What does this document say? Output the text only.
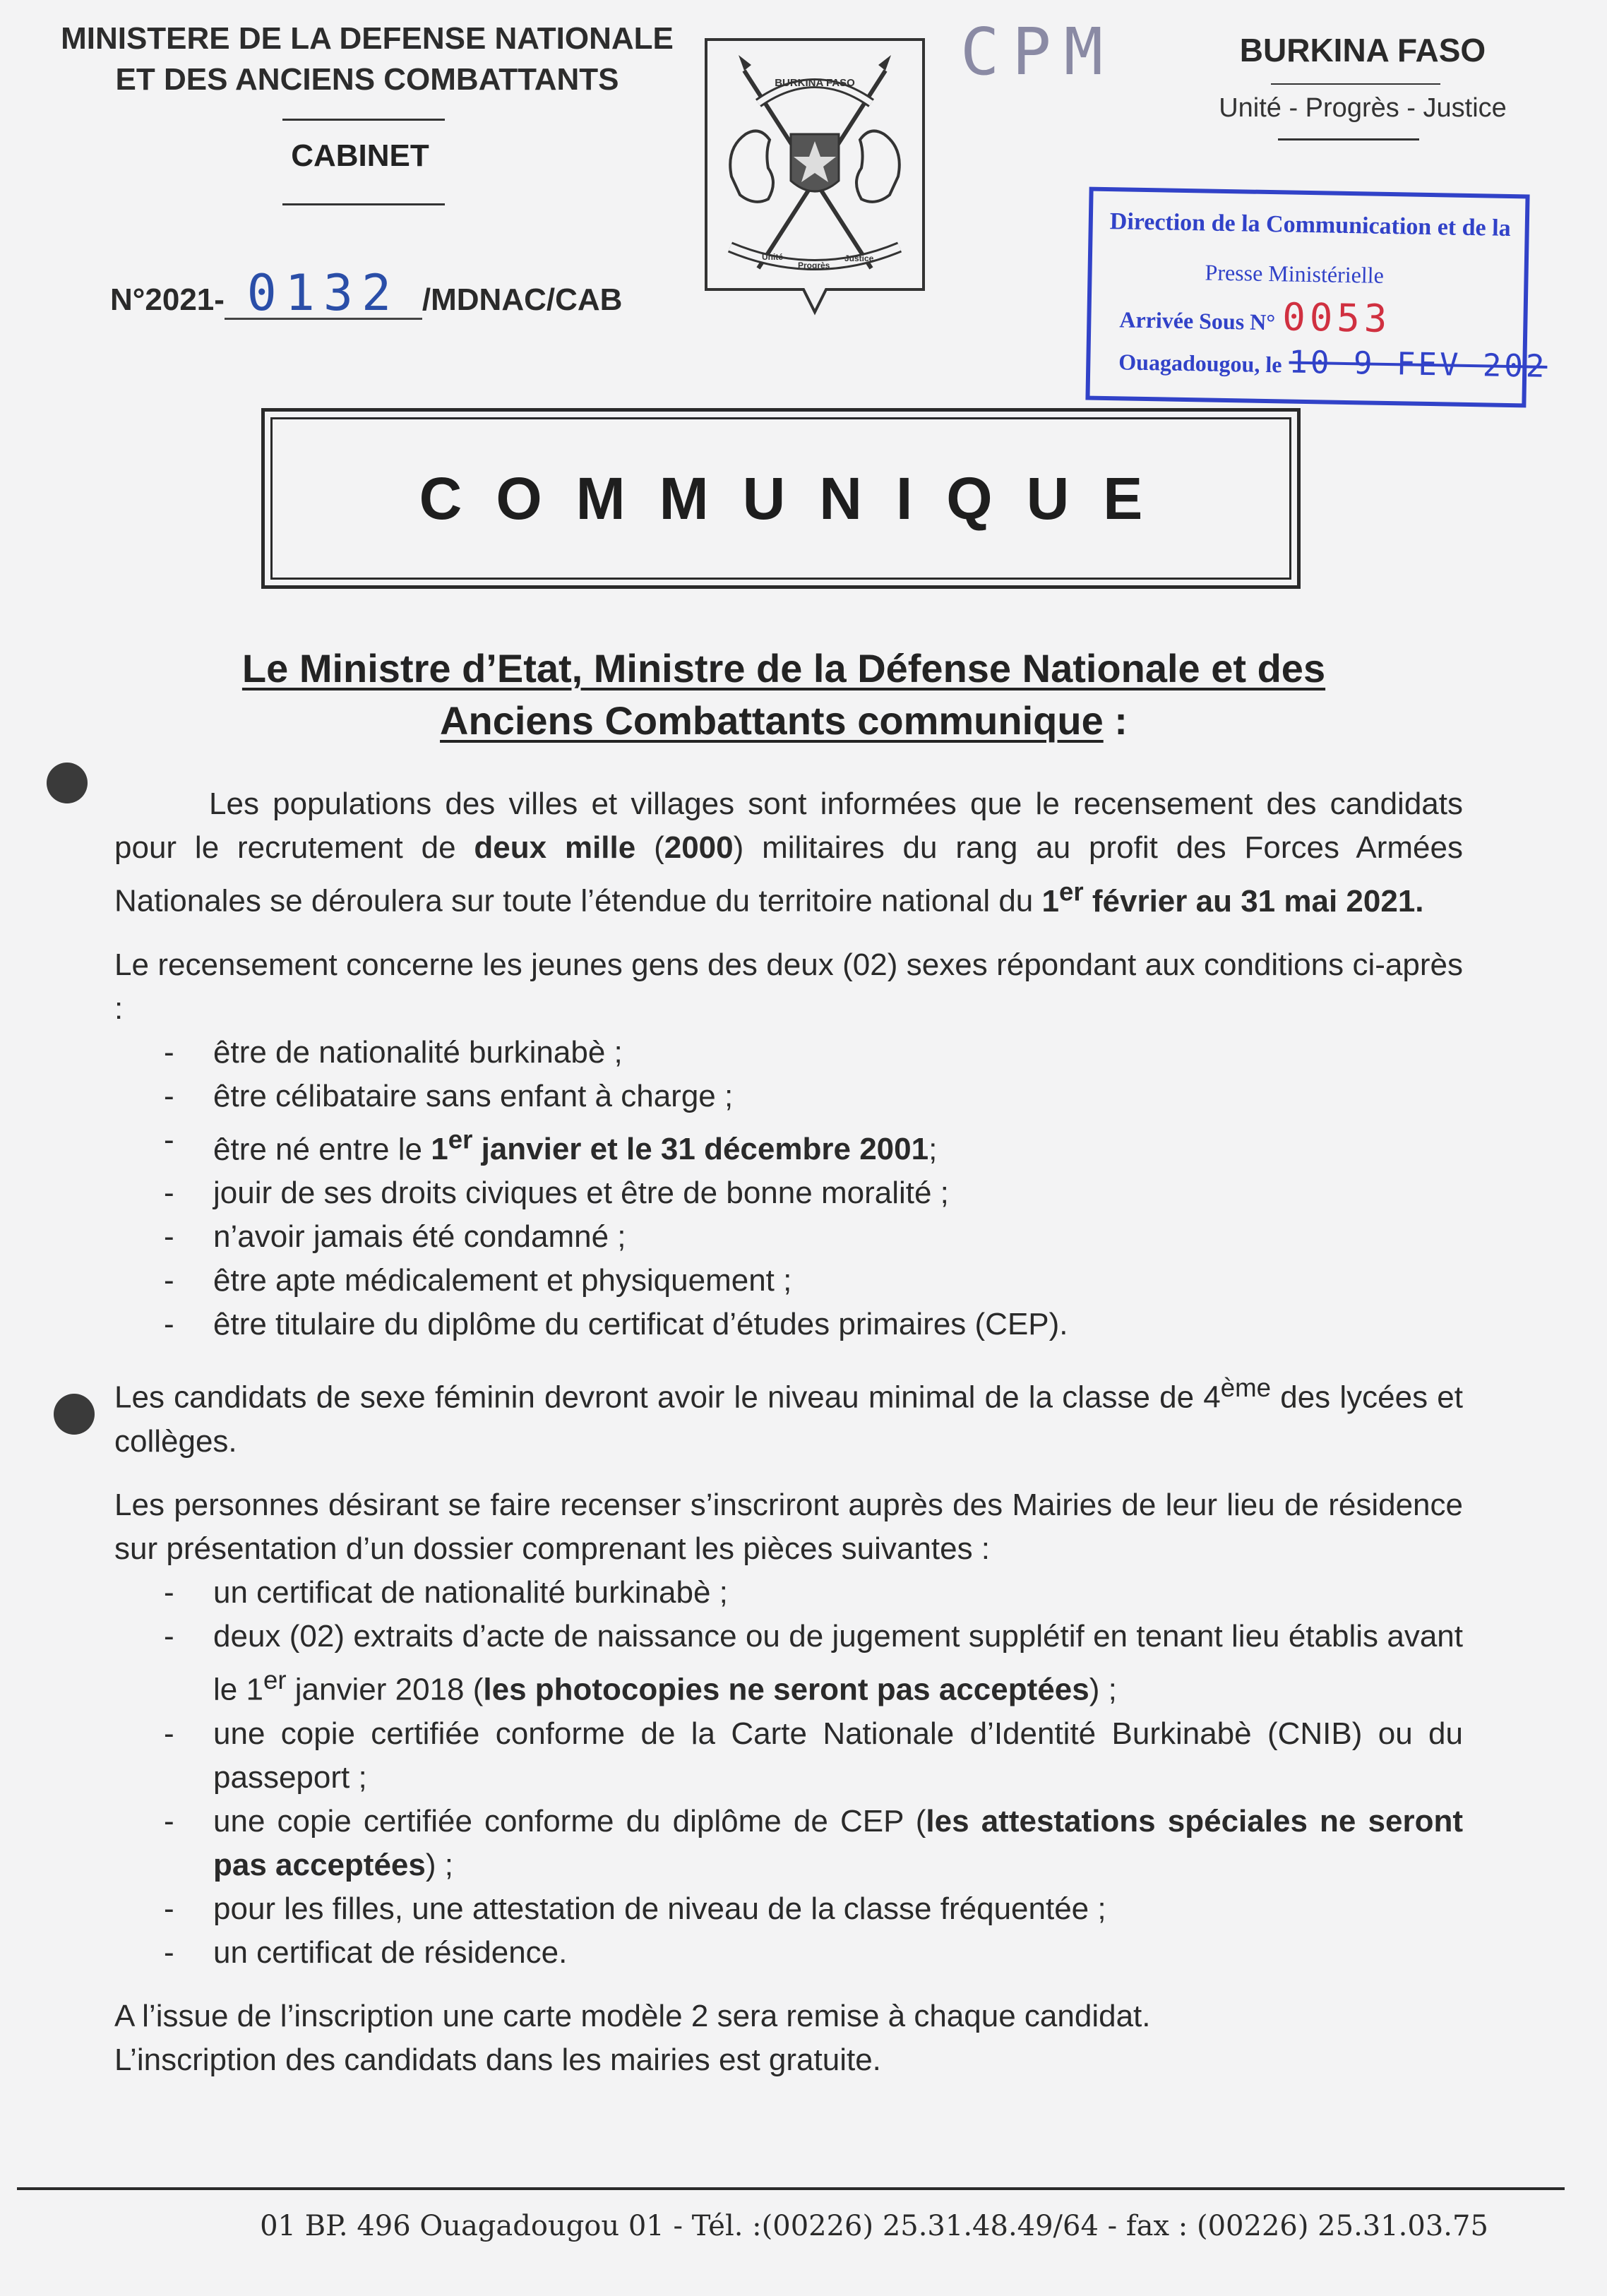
MINISTERE DE LA DEFENSE NATIONALE
ET DES ANCIENS COMBATTANTS
CABINET
N°2021- 0132 /MDNAC/CAB
BURKINA FASO
Unité
Progrès
Justice
CPM	BURKINA FASO
Unité - Progrès - Justice
Direction de la Communication et de la
Presse Ministérielle
Arrivée Sous N° 0053
Ouagadougou, le 10 9 FEV 202
COMMUNIQUE
Le Ministre d’Etat, Ministre de la Défense Nationale et des
Anciens Combattants communique :

Les populations des villes et villages sont informées que le recensement des candidats pour le recrutement de deux mille (2000) militaires du rang au profit des Forces Armées Nationales se déroulera sur toute l’étendue du territoire national du 1er février au 31 mai 2021.

Le recensement concerne les jeunes gens des deux (02) sexes répondant aux conditions ci-après :

- être de nationalité burkinabè ;
- être célibataire sans enfant à charge ;
- être né entre le 1er janvier et le 31 décembre 2001;
- jouir de ses droits civiques et être de bonne moralité ;
- n’avoir jamais été condamné ;
- être apte médicalement et physiquement ;
- être titulaire du diplôme du certificat d’études primaires (CEP).

Les candidats de sexe féminin devront avoir le niveau minimal de la classe de 4ème des lycées et collèges.

Les personnes désirant se faire recenser s’inscriront auprès des Mairies de leur lieu de résidence sur présentation d’un dossier comprenant les pièces suivantes :

- un certificat de nationalité burkinabè ;
- deux (02) extraits d’acte de naissance ou de jugement supplétif en tenant lieu établis avant le 1er janvier 2018 (les photocopies ne seront pas acceptées) ;
- une copie certifiée conforme de la Carte Nationale d’Identité Burkinabè (CNIB) ou du passeport ;
- une copie certifiée conforme du diplôme de CEP (les attestations spéciales ne seront pas acceptées) ;
- pour les filles, une attestation de niveau de la classe fréquentée ;
- un certificat de résidence.

A l’issue de l’inscription une carte modèle 2 sera remise à chaque candidat.

L’inscription des candidats dans les mairies est gratuite.

01 BP. 496 Ouagadougou 01 - Tél. :(00226) 25.31.48.49/64 - fax : (00226) 25.31.03.75
